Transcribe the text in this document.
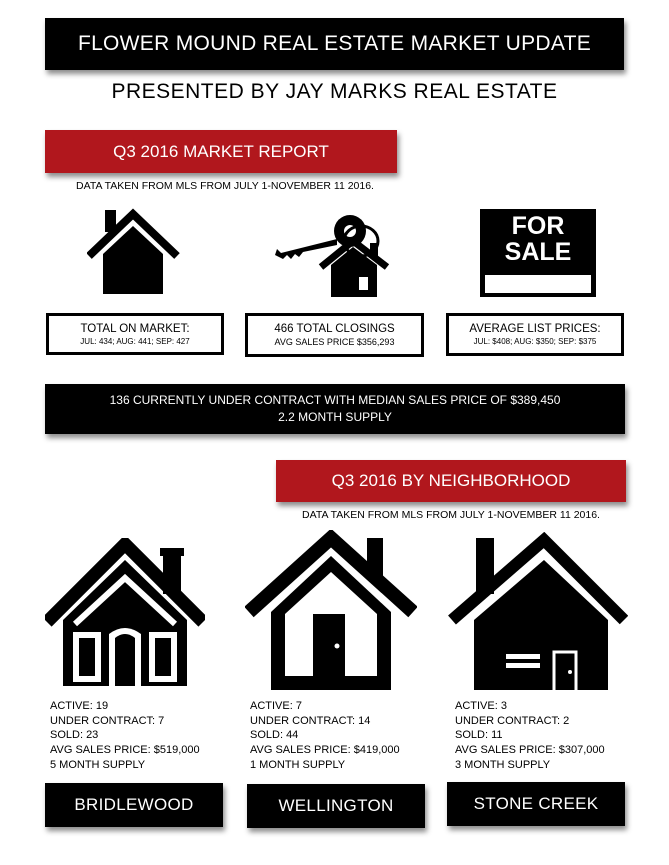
FLOWER MOUND REAL ESTATE MARKET UPDATE
PRESENTED BY JAY MARKS REAL ESTATE
Q3 2016 MARKET REPORT
DATA TAKEN FROM MLS FROM JULY 1-NOVEMBER 11 2016.
FOR
SALE
TOTAL ON MARKET:
JUL: 434; AUG: 441; SEP: 427
466 TOTAL CLOSINGS
AVG SALES PRICE $356,293
AVERAGE LIST PRICES:
JUL: $408; AUG: $350; SEP: $375
136 CURRENTLY UNDER CONTRACT WITH MEDIAN SALES PRICE OF $389,450
2.2 MONTH SUPPLY
Q3 2016 BY NEIGHBORHOOD
DATA TAKEN FROM MLS FROM JULY 1-NOVEMBER 11 2016.
ACTIVE: 19
UNDER CONTRACT: 7
SOLD: 23
AVG SALES PRICE: $519,000
5 MONTH SUPPLY
ACTIVE: 7
UNDER CONTRACT: 14
SOLD: 44
AVG SALES PRICE: $419,000
1 MONTH SUPPLY
ACTIVE: 3
UNDER CONTRACT: 2
SOLD: 11
AVG SALES PRICE: $307,000
3 MONTH SUPPLY
BRIDLEWOOD	WELLINGTON	STONE CREEK
